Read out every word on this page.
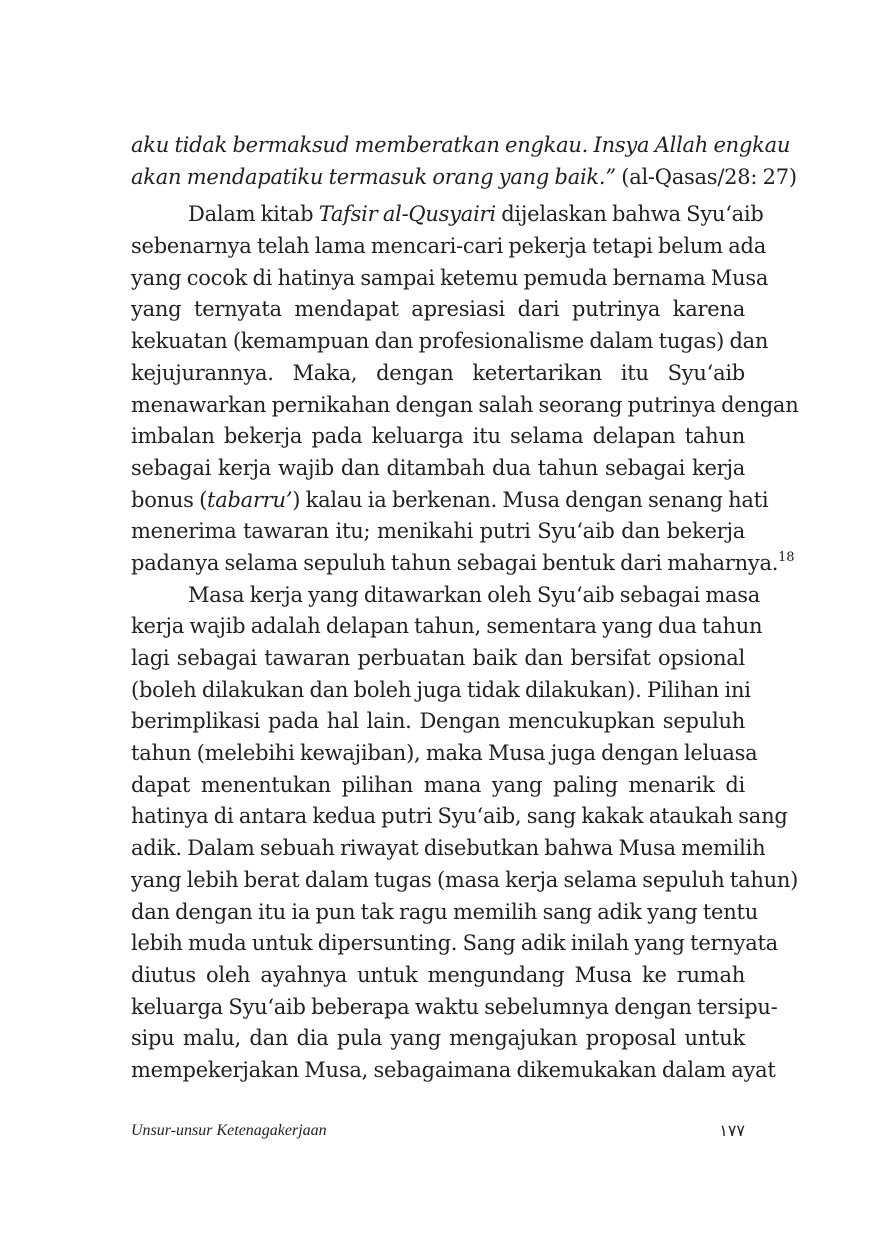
aku tidak bermaksud memberatkan engkau. Insya Allah engkau
akan mendapatiku termasuk orang yang baik.” (al-Qasas/28: 27)
Dalam kitab Tafsir al-Qusyairi dijelaskan bahwa Syu‘aib
sebenarnya telah lama mencari-cari pekerja tetapi belum ada
yang cocok di hatinya sampai ketemu pemuda bernama Musa
yang ternyata mendapat apresiasi dari putrinya karena
kekuatan (kemampuan dan profesionalisme dalam tugas) dan
kejujurannya. Maka, dengan ketertarikan itu Syu‘aib
menawarkan pernikahan dengan salah seorang putrinya dengan
imbalan bekerja pada keluarga itu selama delapan tahun
sebagai kerja wajib dan ditambah dua tahun sebagai kerja
bonus (tabarru’) kalau ia berkenan. Musa dengan senang hati
menerima tawaran itu; menikahi putri Syu‘aib dan bekerja
padanya selama sepuluh tahun sebagai bentuk dari maharnya.$^{18}$
Masa kerja yang ditawarkan oleh Syu‘aib sebagai masa
kerja wajib adalah delapan tahun, sementara yang dua tahun
lagi sebagai tawaran perbuatan baik dan bersifat opsional
(boleh dilakukan dan boleh juga tidak dilakukan). Pilihan ini
berimplikasi pada hal lain. Dengan mencukupkan sepuluh
tahun (melebihi kewajiban), maka Musa juga dengan leluasa
dapat menentukan pilihan mana yang paling menarik di
hatinya di antara kedua putri Syu‘aib, sang kakak ataukah sang
adik. Dalam sebuah riwayat disebutkan bahwa Musa memilih
yang lebih berat dalam tugas (masa kerja selama sepuluh tahun)
dan dengan itu ia pun tak ragu memilih sang adik yang tentu
lebih muda untuk dipersunting. Sang adik inilah yang ternyata
diutus oleh ayahnya untuk mengundang Musa ke rumah
keluarga Syu‘aib beberapa waktu sebelumnya dengan tersipu-
sipu malu, dan dia pula yang mengajukan proposal untuk
mempekerjakan Musa, sebagaimana dikemukakan dalam ayat
Unsur-unsur Ketenagakerjaan	١٧٧
